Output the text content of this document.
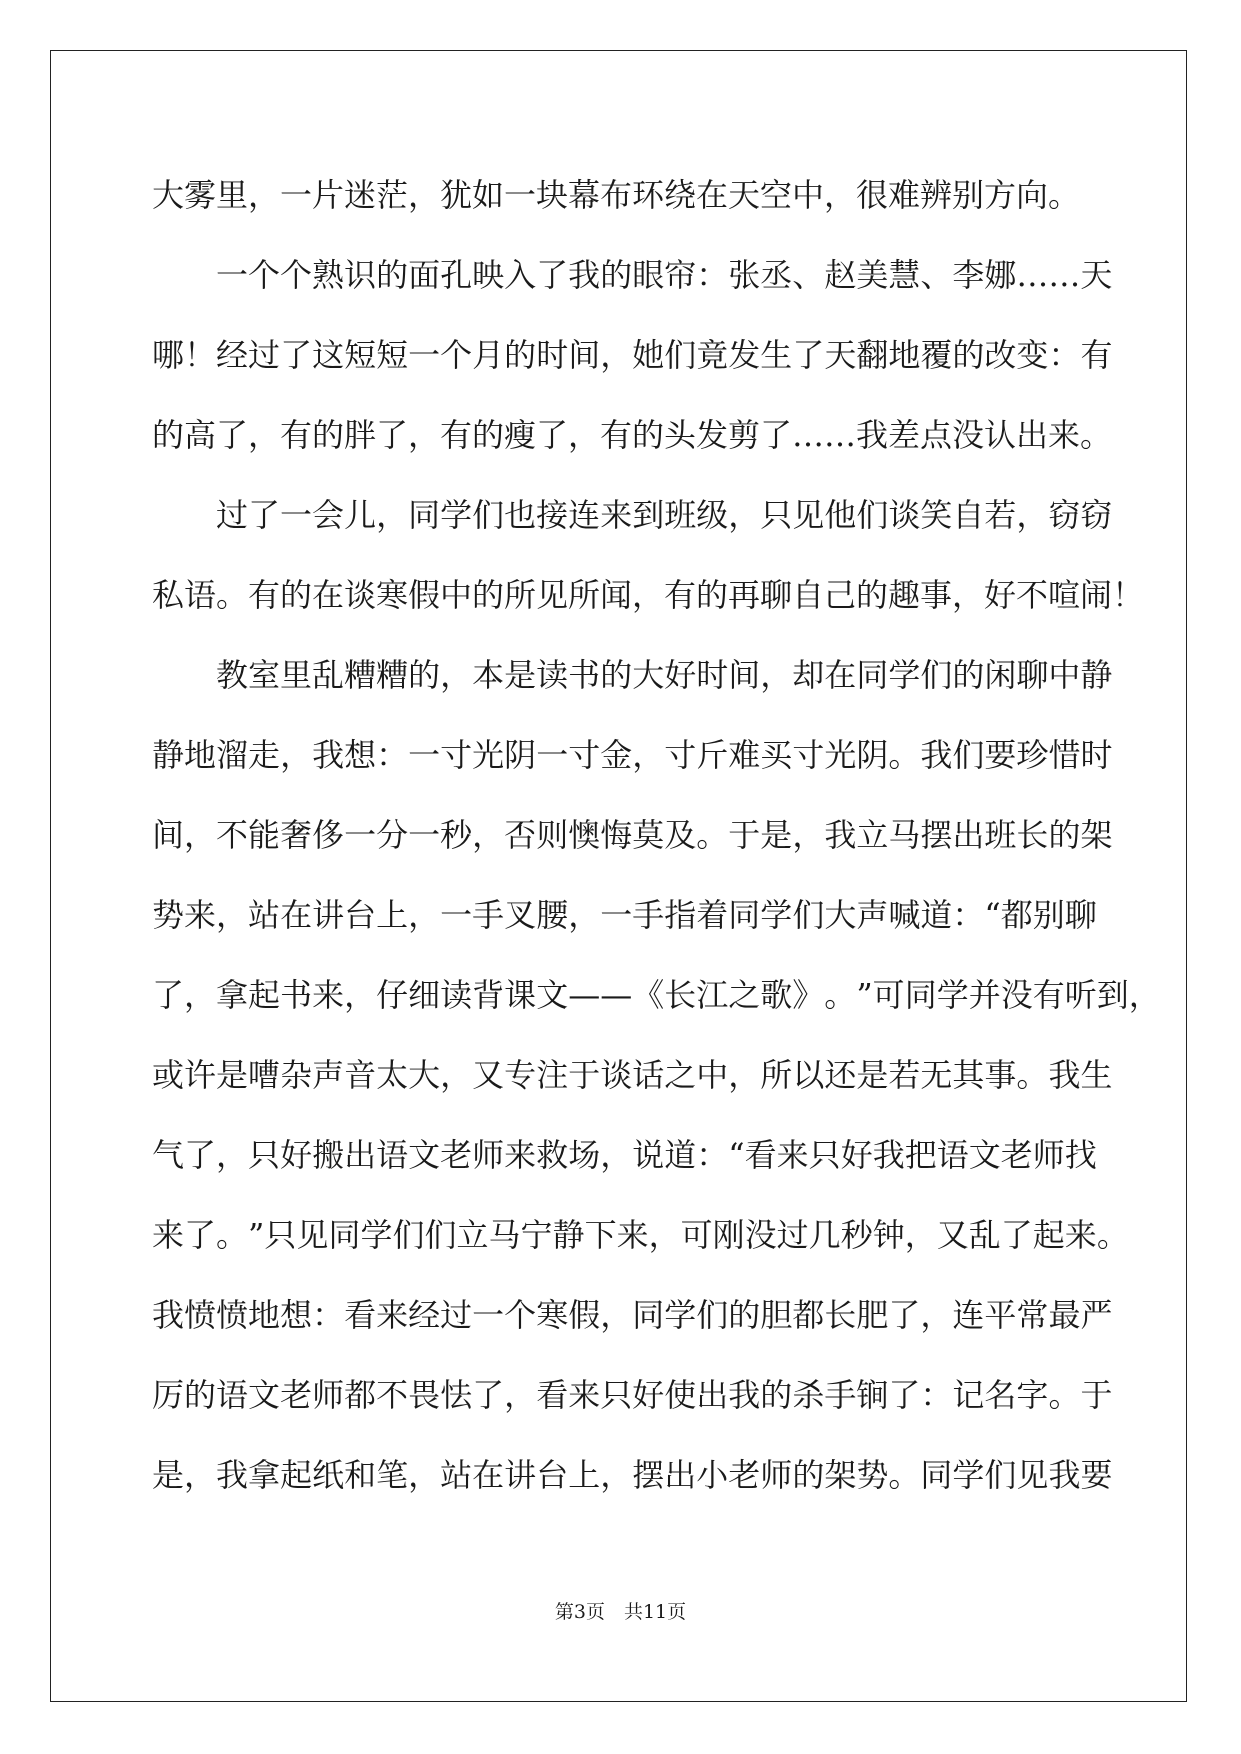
大雾里，一片迷茫，犹如一块幕布环绕在天空中，很难辨别方向。
一 个 个 熟 识 的 面 孔 映 入 了 我 的 眼 帘 ： 张 丞 、 赵 美 慧 、 李 娜 … … 天
哪 ！ 经 过 了 这 短 短 一 个 月 的 时 间 ， 她 们 竟 发 生 了 天 翻 地 覆 的 改 变 ： 有
的高了，有的胖了，有的瘦了，有的头发剪了……我差点没认出来。
过 了 一 会 儿 ， 同 学 们 也 接 连 来 到 班 级 ， 只 见 他 们 谈 笑 自 若 ， 窃 窃
私语。有的在谈寒假中的所见所闻，有的再聊自己的趣事，好不喧闹！
教 室 里 乱 糟 糟 的 ， 本 是 读 书 的 大 好 时 间 ， 却 在 同 学 们 的 闲 聊 中 静
静 地 溜 走 ， 我 想 ： 一 寸 光 阴 一 寸 金 ， 寸 斤 难 买 寸 光 阴 。 我 们 要 珍 惜 时
间 ， 不 能 奢 侈 一 分 一 秒 ， 否 则 懊 悔 莫 及 。 于 是 ， 我 立 马 摆 出 班 长 的 架
势 来 ， 站 在 讲 台 上 ， 一 手 叉 腰 ， 一 手 指 着 同 学 们 大 声 喊 道 ： “ 都 别 聊
了 ， 拿 起 书 来 ， 仔 细 读 背 课 文 — — 《 长 江 之 歌 》 。 ” 可 同 学 并 没 有 听 到 ，
或 许 是 嘈 杂 声 音 太 大 ， 又 专 注 于 谈 话 之 中 ， 所 以 还 是 若 无 其 事 。 我 生
气 了 ， 只 好 搬 出 语 文 老 师 来 救 场 ， 说 道 ： “ 看 来 只 好 我 把 语 文 老 师 找
来 了 。 ” 只 见 同 学 们 们 立 马 宁 静 下 来 ， 可 刚 没 过 几 秒 钟 ， 又 乱 了 起 来 。
我 愤 愤 地 想 ： 看 来 经 过 一 个 寒 假 ， 同 学 们 的 胆 都 长 肥 了 ， 连 平 常 最 严
厉 的 语 文 老 师 都 不 畏 怯 了 ， 看 来 只 好 使 出 我 的 杀 手 锏 了 ： 记 名 字 。 于
是 ， 我 拿 起 纸 和 笔 ， 站 在 讲 台 上 ， 摆 出 小 老 师 的 架 势 。 同 学 们 见 我 要
第3页　共11页
